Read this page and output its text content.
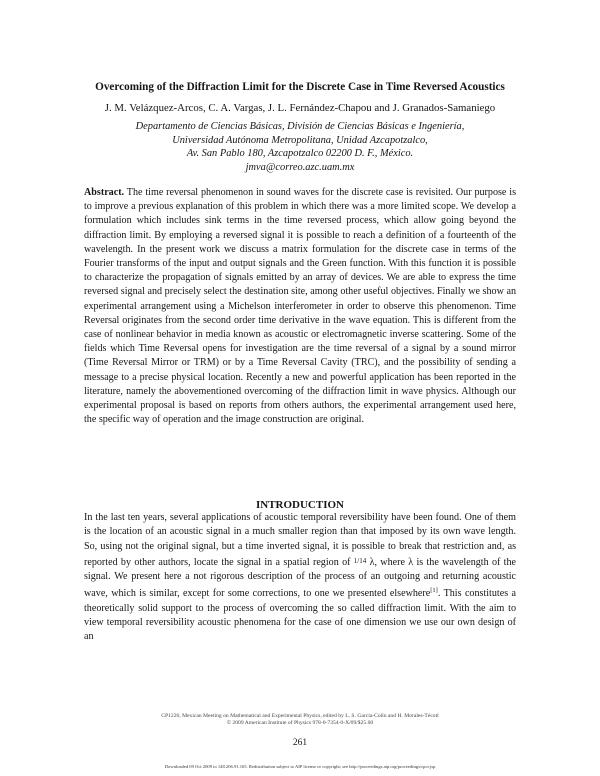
Overcoming of the Diffraction Limit for the Discrete Case in Time Reversed Acoustics
J. M. Velázquez-Arcos, C. A. Vargas, J. L. Fernández-Chapou and J. Granados-Samaniego
Departamento de Ciencias Básicas, División de Ciencias Básicas e Ingeniería,
Universidad Autónoma Metropolitana, Unidad Azcapotzalco,
Av. San Pablo 180, Azcapotzalco 02200 D. F., México.
jmva@correo.azc.uam.mx
Abstract. The time reversal phenomenon in sound waves for the discrete case is revisited. Our purpose is to improve a previous explanation of this problem in which there was a more limited scope. We develop a formulation which includes sink terms in the time reversed process, which allow going beyond the diffraction limit. By employing a reversed signal it is possible to reach a definition of a fourteenth of the wavelength. In the present work we discuss a matrix formulation for the discrete case in terms of the Fourier transforms of the input and output signals and the Green function. With this function it is possible to characterize the propagation of signals emitted by an array of devices. We are able to express the time reversed signal and precisely select the destination site, among other useful objectives. Finally we show an experimental arrangement using a Michelson interferometer in order to observe this phenomenon. Time Reversal originates from the second order time derivative in the wave equation. This is different from the case of nonlinear behavior in media known as acoustic or electromagnetic inverse scattering. Some of the fields which Time Reversal opens for investigation are the time reversal of a signal by a sound mirror (Time Reversal Mirror or TRM) or by a Time Reversal Cavity (TRC), and the possibility of sending a message to a precise physical location. Recently a new and powerful application has been reported in the literature, namely the abovementioned overcoming of the diffraction limit in wave physics. Although our experimental proposal is based on reports from others authors, the experimental arrangement used here, the specific way of operation and the image construction are original.
INTRODUCTION
In the last ten years, several applications of acoustic temporal reversibility have been found. One of them is the location of an acoustic signal in a much smaller region than that imposed by its own wave length. So, using not the original signal, but a time inverted signal, it is possible to break that restriction and, as reported by other authors, locate the signal in a spatial region of 1/14 λ, where λ is the wavelength of the signal. We present here a not rigorous description of the process of an outgoing and returning acoustic wave, which is similar, except for some corrections, to one we presented elsewhere[1]. This constitutes a theoretically solid support to the process of overcoming the so called diffraction limit. With the aim to view temporal reversibility acoustic phenomena for the case of one dimension we use our own design of an
CP1226, Mexican Meeting on Mathematical and Experimental Physics, edited by L. S. García-Colín and H. Morales-Técotl
© 2009 American Institute of Physics 978-0-7354-0-X/09/$25.00
261
Downloaded 09 Oct 2009 to 148.206.91.165. Redistribution subject to AIP license or copyright; see http://proceedings.aip.org/proceedings/cpcr.jsp
